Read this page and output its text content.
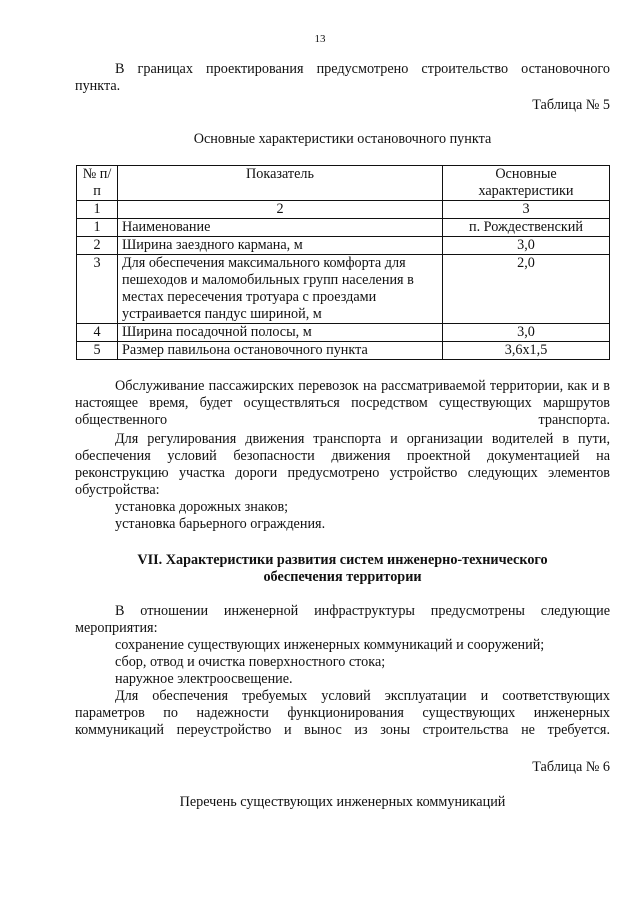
13
В границах проектирования предусмотрено строительство остановочного пункта.
Таблица № 5
Основные характеристики остановочного пункта
№ п/п	Показатель	Основные характеристики
1	2	3
1	Наименование	п. Рождественский
2	Ширина заездного кармана, м	3,0
3	Для обеспечения максимального комфорта для пешеходов и маломобильных групп населения в местах пересечения тротуара с проездами устраивается пандус шириной, м	2,0
4	Ширина посадочной полосы, м	3,0
5	Размер павильона остановочного пункта	3,6х1,5
Обслуживание пассажирских перевозок на рассматриваемой территории, как и в настоящее время, будет осуществляться посредством существующих маршрутов общественного транспорта.
Для регулирования движения транспорта и организации водителей в пути, обеспечения условий безопасности движения проектной документацией на реконструкцию участка дороги предусмотрено устройство следующих элементов обустройства:
установка дорожных знаков;
установка барьерного ограждения.
VII. Характеристики развития систем инженерно-технического
обеспечения территории
В отношении инженерной инфраструктуры предусмотрены следующие мероприятия:
сохранение существующих инженерных коммуникаций и сооружений;
сбор, отвод и очистка поверхностного стока;
наружное электроосвещение.
Для обеспечения требуемых условий эксплуатации и соответствующих параметров по надежности функционирования существующих инженерных коммуникаций переустройство и вынос из зоны строительства не требуется.
Таблица № 6
Перечень существующих инженерных коммуникаций
